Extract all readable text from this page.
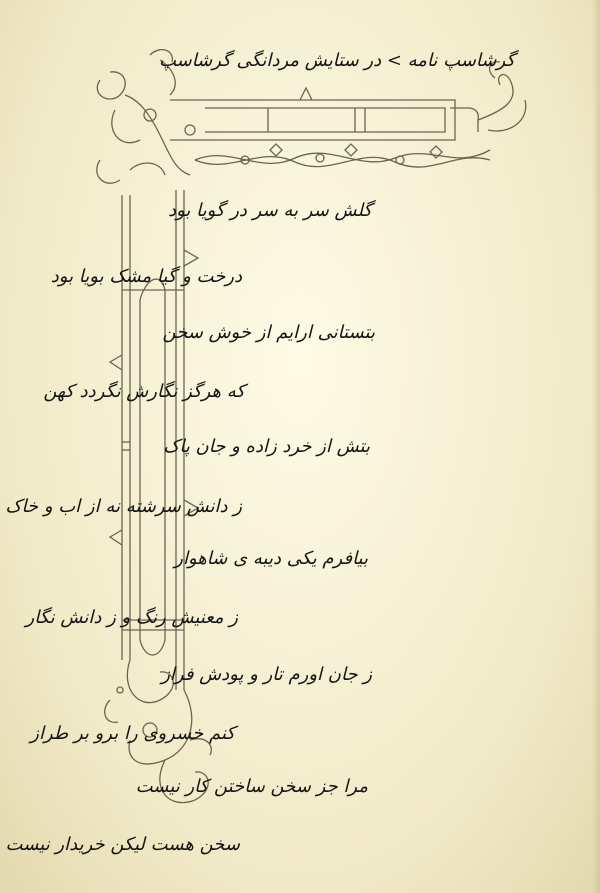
گرشاسپ نامه > در ستایش مردانگی گرشاسپ
گلش سر به سر در گویا بود
درخت و گیا مشک بویا بود
بتستانی ارایم از خوش سخن
که هرگز نگارش نگردد کهن
بتش از خرد زاده و جان پاک
ز دانش سرشته نه از اب و خاک
بیافرم یکی دیبه ی شاهوار
ز معنیش رنگ و ز دانش نگار
ز جان اورم تار و پودش فراز
کنم خسروی را برو بر طراز
مرا جز سخن ساختن کار نیست
سخن هست لیکن خریدار نیست
